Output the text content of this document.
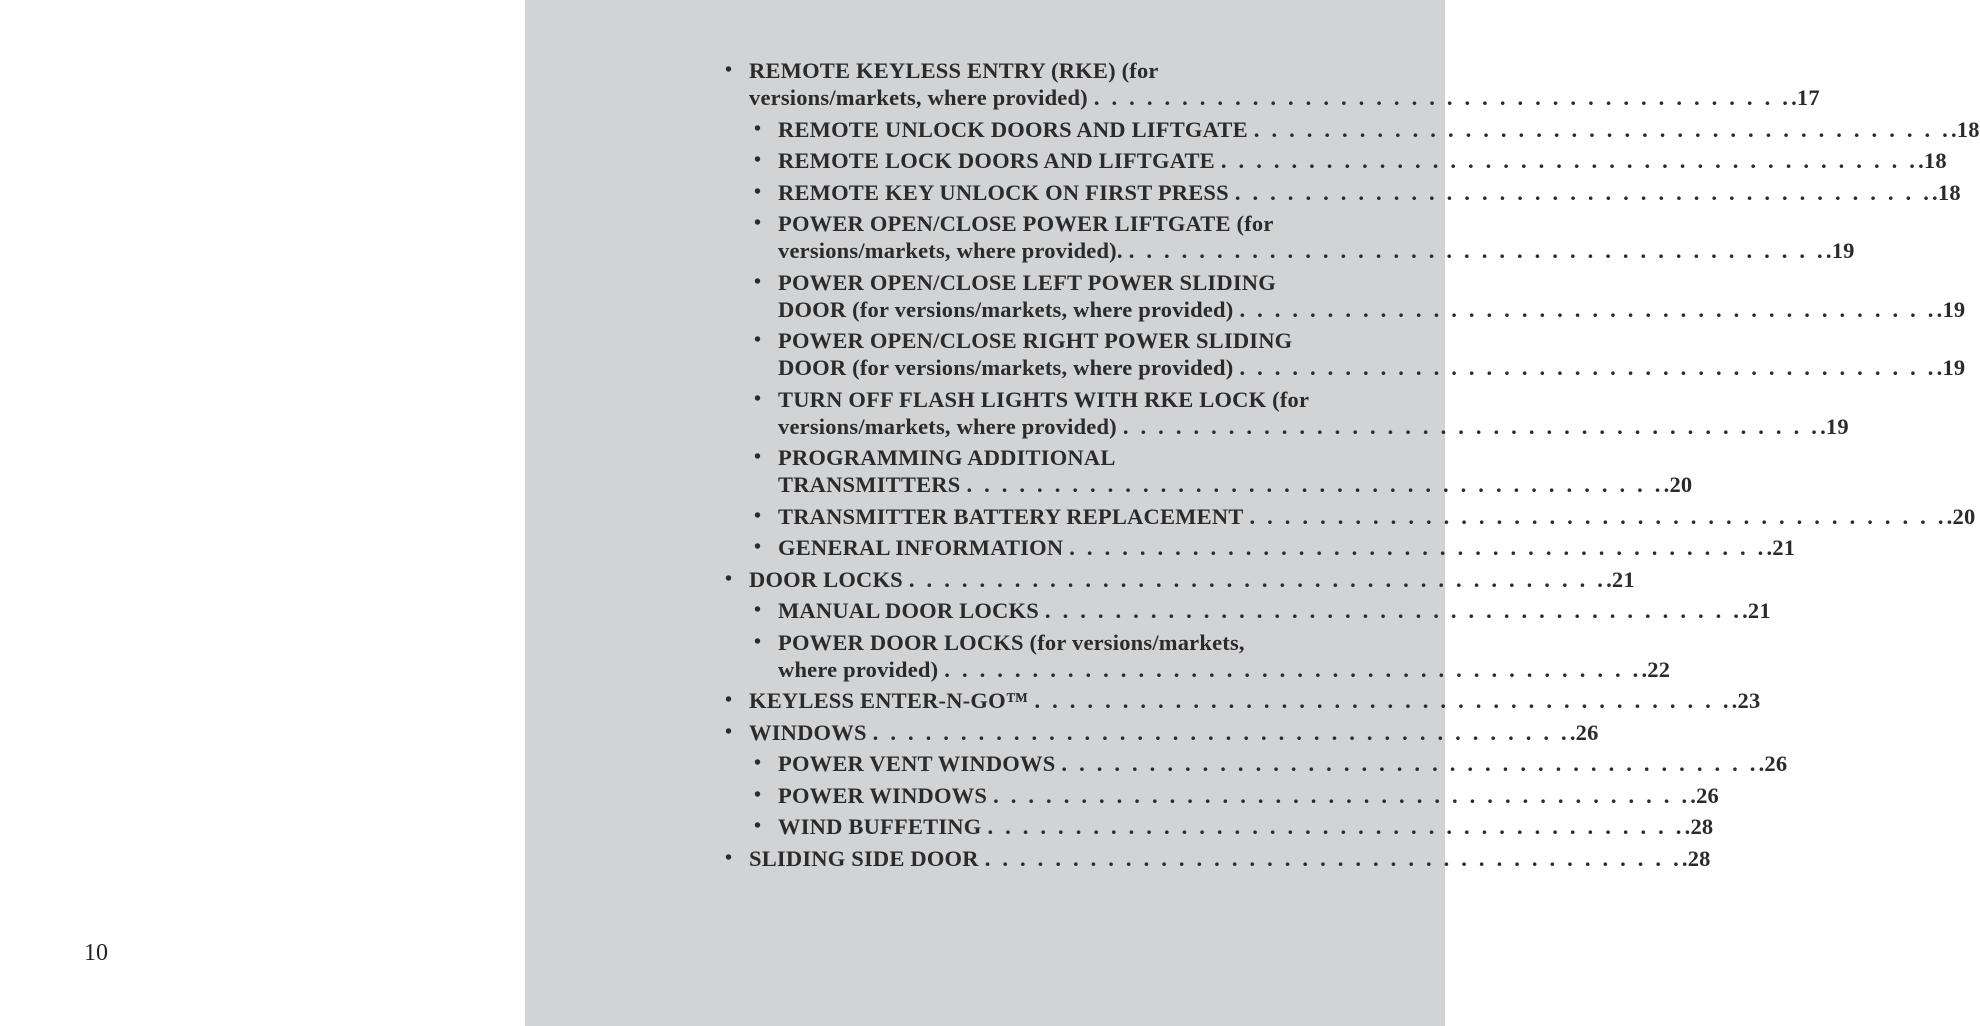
10
• REMOTE KEYLESS ENTRY (RKE) (for
versions/markets, where provided) . . . . . . . . . . . . . . . . . . . . . . . . . . . . . . . . . . . . . . . . .17
• REMOTE UNLOCK DOORS AND LIFTGATE . . . . . . . . . . . . . . . . . . . . . . . . . . . . . . . . . . . . . . . . .18
• REMOTE LOCK DOORS AND LIFTGATE . . . . . . . . . . . . . . . . . . . . . . . . . . . . . . . . . . . . . . . . .18
• REMOTE KEY UNLOCK ON FIRST PRESS . . . . . . . . . . . . . . . . . . . . . . . . . . . . . . . . . . . . . . . . .18
• POWER OPEN/CLOSE POWER LIFTGATE (for
versions/markets, where provided). . . . . . . . . . . . . . . . . . . . . . . . . . . . . . . . . . . . . . . . . .19
• POWER OPEN/CLOSE LEFT POWER SLIDING
DOOR (for versions/markets, where provided) . . . . . . . . . . . . . . . . . . . . . . . . . . . . . . . . . . . . . . . . .19
• POWER OPEN/CLOSE RIGHT POWER SLIDING
DOOR (for versions/markets, where provided) . . . . . . . . . . . . . . . . . . . . . . . . . . . . . . . . . . . . . . . . .19
• TURN OFF FLASH LIGHTS WITH RKE LOCK (for
versions/markets, where provided) . . . . . . . . . . . . . . . . . . . . . . . . . . . . . . . . . . . . . . . . .19
• PROGRAMMING ADDITIONAL
TRANSMITTERS . . . . . . . . . . . . . . . . . . . . . . . . . . . . . . . . . . . . . . . . .20
• TRANSMITTER BATTERY REPLACEMENT . . . . . . . . . . . . . . . . . . . . . . . . . . . . . . . . . . . . . . . . .20
• GENERAL INFORMATION . . . . . . . . . . . . . . . . . . . . . . . . . . . . . . . . . . . . . . . . .21
• DOOR LOCKS . . . . . . . . . . . . . . . . . . . . . . . . . . . . . . . . . . . . . . . . .21
• MANUAL DOOR LOCKS . . . . . . . . . . . . . . . . . . . . . . . . . . . . . . . . . . . . . . . . .21
• POWER DOOR LOCKS (for versions/markets,
where provided) . . . . . . . . . . . . . . . . . . . . . . . . . . . . . . . . . . . . . . . . .22
• KEYLESS ENTER-N-GO™ . . . . . . . . . . . . . . . . . . . . . . . . . . . . . . . . . . . . . . . . .23
• WINDOWS . . . . . . . . . . . . . . . . . . . . . . . . . . . . . . . . . . . . . . . . .26
• POWER VENT WINDOWS . . . . . . . . . . . . . . . . . . . . . . . . . . . . . . . . . . . . . . . . .26
• POWER WINDOWS . . . . . . . . . . . . . . . . . . . . . . . . . . . . . . . . . . . . . . . . .26
• WIND BUFFETING . . . . . . . . . . . . . . . . . . . . . . . . . . . . . . . . . . . . . . . . .28
• SLIDING SIDE DOOR . . . . . . . . . . . . . . . . . . . . . . . . . . . . . . . . . . . . . . . . .28
